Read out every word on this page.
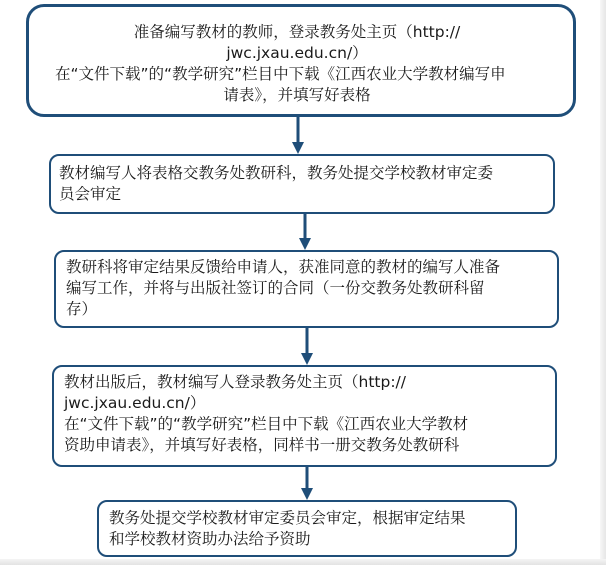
准备编写教材的教师，登录教务处主页（http://

jwc.jxau.edu.cn/）

在“文件下载”的“教学研究”栏目中下载《江西农业大学教材编写申

请表》，并填写好表格

教材编写人将表格交教务处教研科，教务处提交学校教材审定委

员会审定

教研科将审定结果反馈给申请人，获准同意的教材的编写人准备

编写工作，并将与出版社签订的合同（一份交教务处教研科留

存）

教材出版后，教材编写人登录教务处主页（http://

jwc.jxau.edu.cn/）

在“文件下载”的“教学研究”栏目中下载《江西农业大学教材

资助申请表》，并填写好表格，同样书一册交教务处教研科

教务处提交学校教材审定委员会审定，根据审定结果

和学校教材资助办法给予资助
